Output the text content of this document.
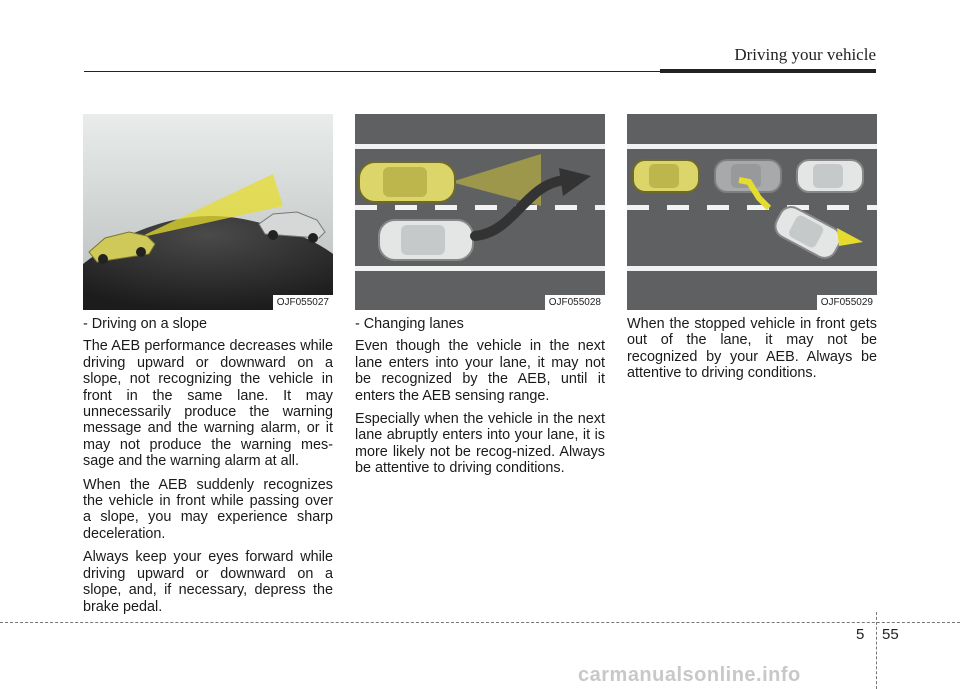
Driving your vehicle
OJF055027	OJF055028	OJF055029

- Driving on a slope

The AEB performance decreases while driving upward or downward on a slope, not recognizing the vehicle in front in the same lane. It may unnecessarily produce the warning message and the warning alarm, or it may not produce the warning mes-sage and the warning alarm at all.

When the AEB suddenly recognizes the vehicle in front while passing over a slope, you may experience sharp deceleration.

Always keep your eyes forward while driving upward or downward on a slope, and, if necessary, depress the brake pedal.

- Changing lanes

Even though the vehicle in the next lane enters into your lane, it may not be recognized by the AEB, until it enters the AEB sensing range.

Especially when the vehicle in the next lane abruptly enters into your lane, it is more likely not be recog-nized. Always be attentive to driving conditions.

When the stopped vehicle in front gets out of the lane, it may not be recognized by your AEB. Always be attentive to driving conditions.

5 55
carmanualsonline.info
